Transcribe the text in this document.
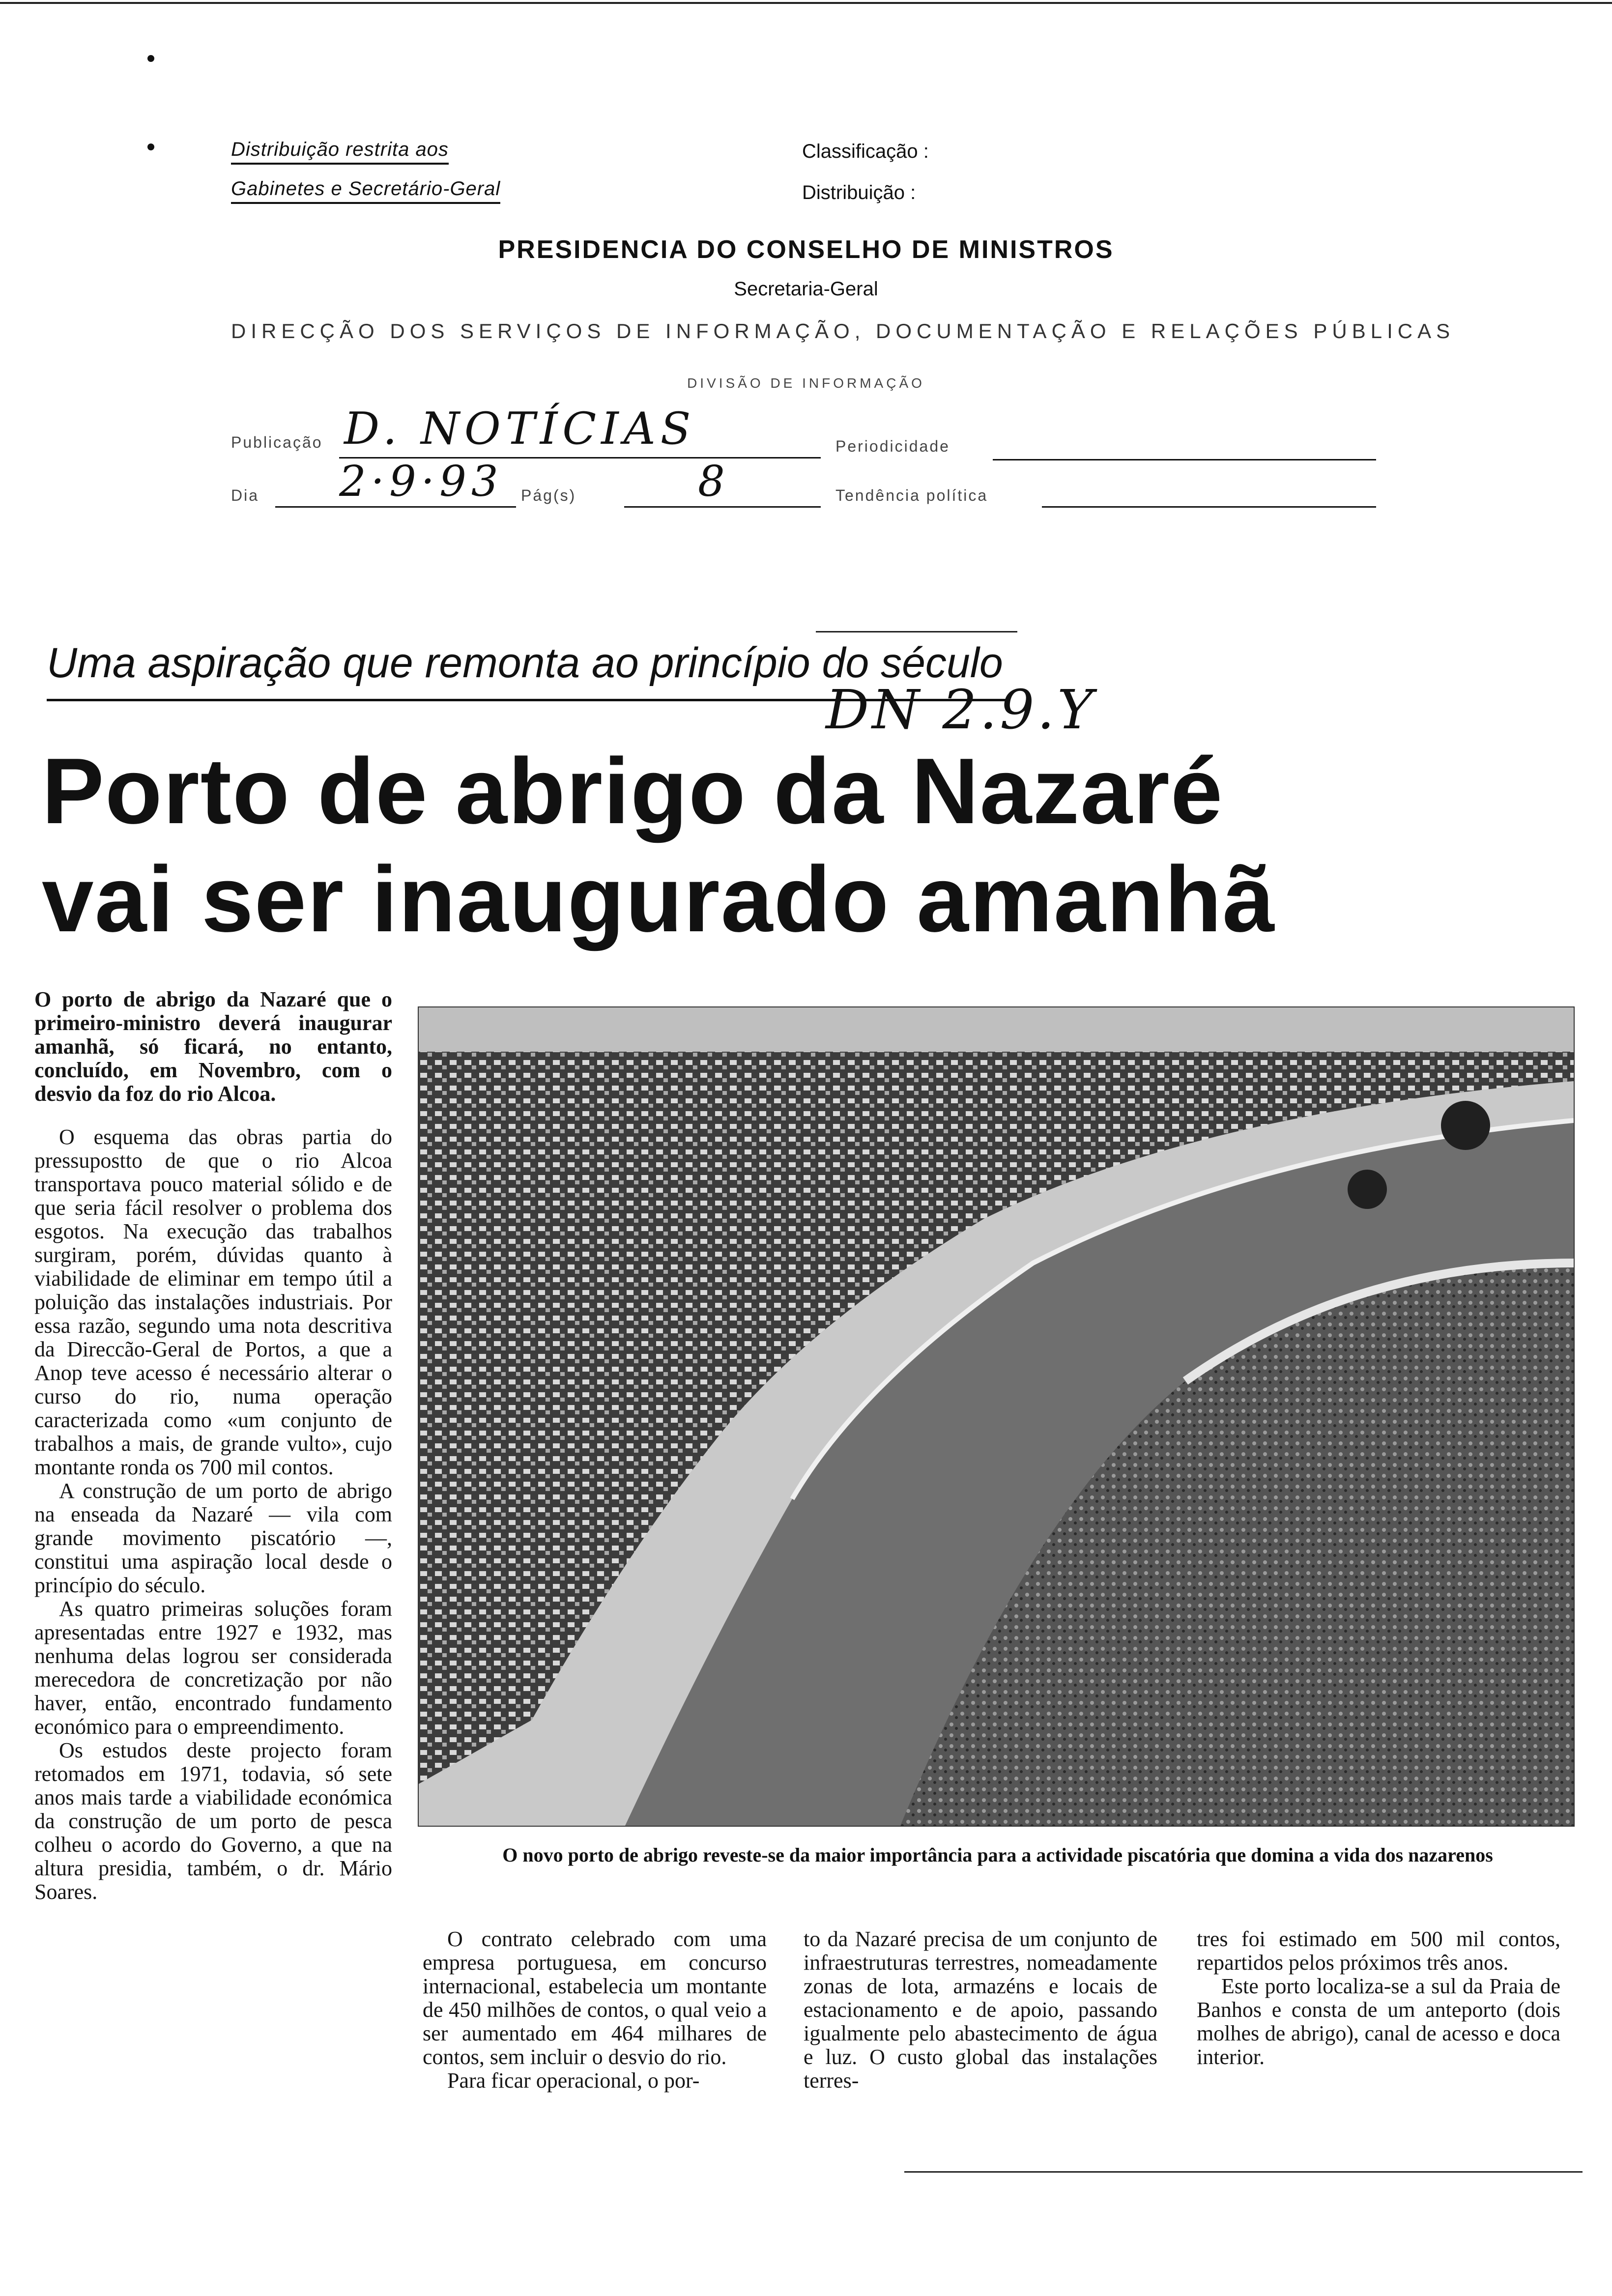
Distribuição restrita aos
Gabinetes e Secretário-Geral
Classificação :
Distribuição :
PRESIDENCIA DO CONSELHO DE MINISTROS
Secretaria-Geral
DIRECÇÃO DOS SERVIÇOS DE INFORMAÇÃO, DOCUMENTAÇÃO E RELAÇÕES PÚBLICAS
DIVISÃO DE INFORMAÇÃO
Publicação D. NOTÍCIAS	Periodicidade
Dia 2·9·93 Pág(s)	8	Tendência política
Uma aspiração que remonta ao princípio do século
DN 2.9.Y
Porto de abrigo da Nazaré
vai ser inaugurado amanhã

O porto de abrigo da Nazaré que o primeiro-ministro deverá inaugurar amanhã, só ficará, no entanto, concluído, em Novembro, com o desvio da foz do rio Alcoa.

O esquema das obras partia do pressupostto de que o rio Alcoa transportava pouco material sólido e de que seria fácil resolver o problema dos esgotos. Na execução das trabalhos surgiram, porém, dúvidas quanto à viabilidade de eliminar em tempo útil a poluição das instalações industriais. Por essa razão, segundo uma nota descritiva da Direccão-Geral de Portos, a que a Anop teve acesso é necessário alterar o curso do rio, numa operação caracterizada como «um conjunto de trabalhos a mais, de grande vulto», cujo montante ronda os 700 mil contos.

A construção de um porto de abrigo na enseada da Nazaré — vila com grande movimento piscatório —, constitui uma aspiração local desde o princípio do século.

As quatro primeiras soluções foram apresentadas entre 1927 e 1932, mas nenhuma delas logrou ser considerada merecedora de concretização por não haver, então, encontrado fundamento económico para o empreendimento.

Os estudos deste projecto foram retomados em 1971, todavia, só sete anos mais tarde a viabilidade económica da construção de um porto de pesca colheu o acordo do Governo, a que na altura presidia, também, o dr. Mário Soares.

O novo porto de abrigo reveste-se da maior importância para a actividade piscatória que domina a vida dos nazarenos

O contrato celebrado com uma empresa portuguesa, em concurso internacional, estabelecia um montante de 450 milhões de contos, o qual veio a ser aumentado em 464 milhares de contos, sem incluir o desvio do rio.

Para ficar operacional, o por-

to da Nazaré precisa de um conjunto de infraestruturas terrestres, nomeadamente zonas de lota, armazéns e locais de estacionamento e de apoio, passando igualmente pelo abastecimento de água e luz. O custo global das instalações terres-

tres foi estimado em 500 mil contos, repartidos pelos próximos três anos.

Este porto localiza-se a sul da Praia de Banhos e consta de um anteporto (dois molhes de abrigo), canal de acesso e doca interior.
